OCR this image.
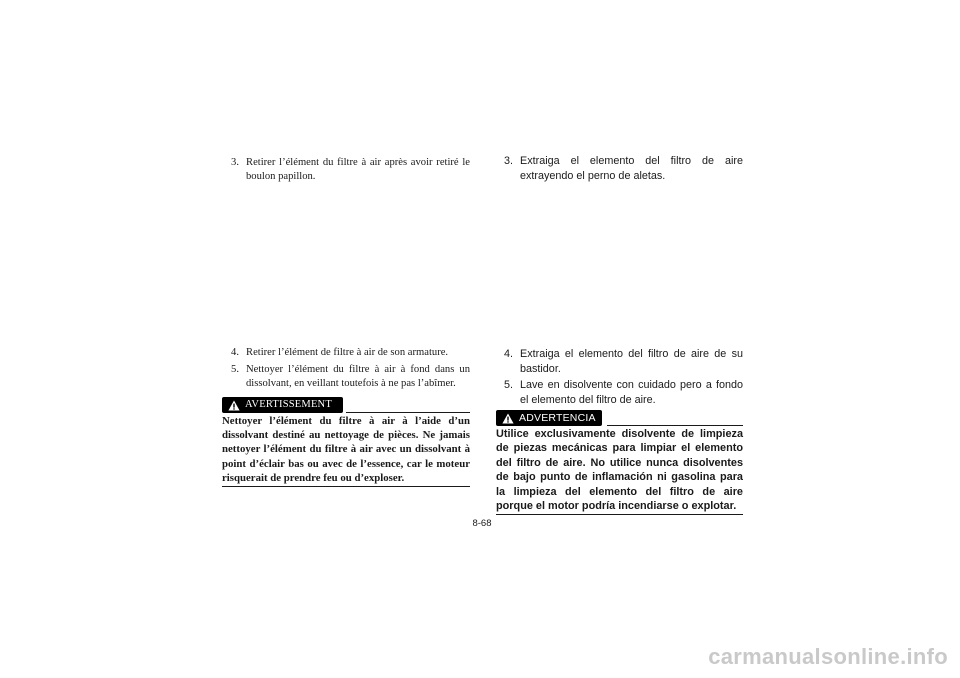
3. Retirer l’élément du filtre à air après avoir retiré le boulon papillon.
4. Retirer l’élément de filtre à air de son armature.
5. Nettoyer l’élément du filtre à air à fond dans un dissolvant, en veillant toutefois à ne pas l’abîmer.
AVERTISSEMENT
Nettoyer l’élément du filtre à air à l’aide d’un dissolvant destiné au nettoyage de pièces. Ne jamais nettoyer l’élément du filtre à air avec un dissolvant à point d’éclair bas ou avec de l’essence, car le moteur risquerait de prendre feu ou d’exploser.
3. Extraiga el elemento del filtro de aire extrayendo el perno de aletas.
4. Extraiga el elemento del filtro de aire de su bastidor.
5. Lave en disolvente con cuidado pero a fondo el elemento del filtro de aire.
ADVERTENCIA
Utilice exclusivamente disolvente de limpieza de piezas mecánicas para limpiar el elemento del filtro de aire. No utilice nunca disolventes de bajo punto de inflamación ni gasolina para la limpieza del elemento del filtro de aire porque el motor podría incendiarse o explotar.
8-68
carmanualsonline.info
